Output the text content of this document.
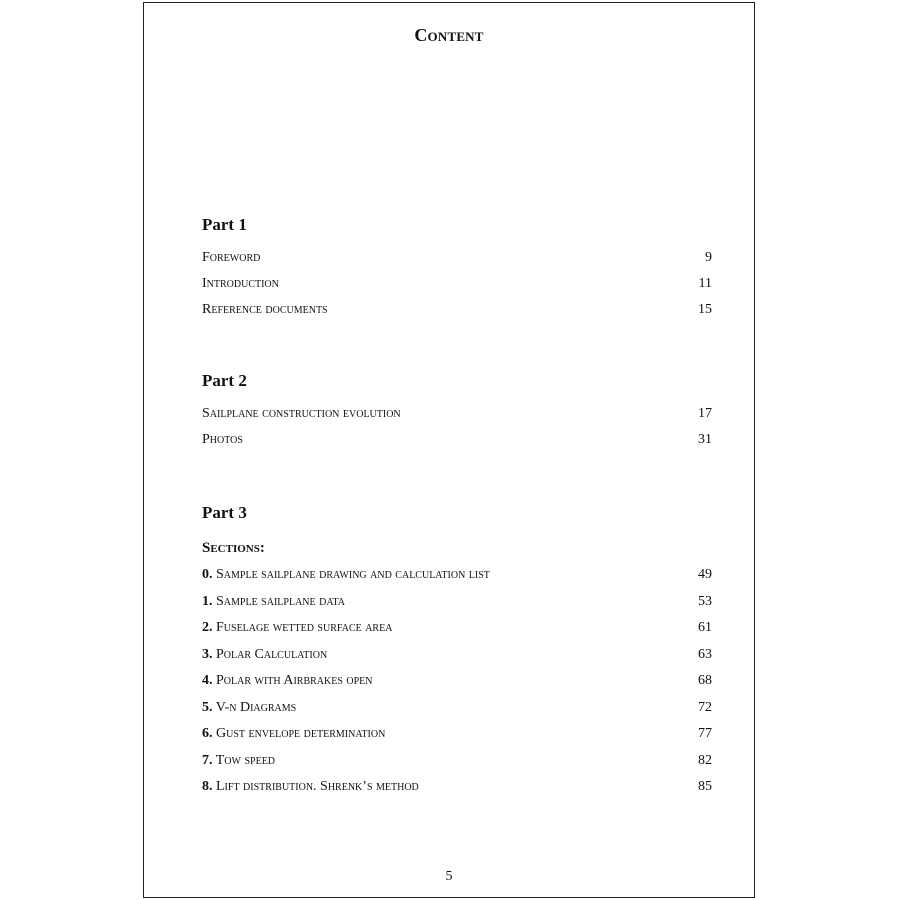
Content
Part 1
Foreword	9
Introduction	11
Reference documents	15
Part 2
Sailplane construction evolution	17
Photos	31
Part 3
Sections:
0. Sample sailplane drawing and calculation list	49
1. Sample sailplane data	53
2. Fuselage wetted surface area	61
3. Polar Calculation	63
4. Polar with Airbrakes open	68
5. V-n Diagrams	72
6. Gust envelope determination	77
7. Tow speed	82
8. Lift distribution. Shrenk’s method	85
5
